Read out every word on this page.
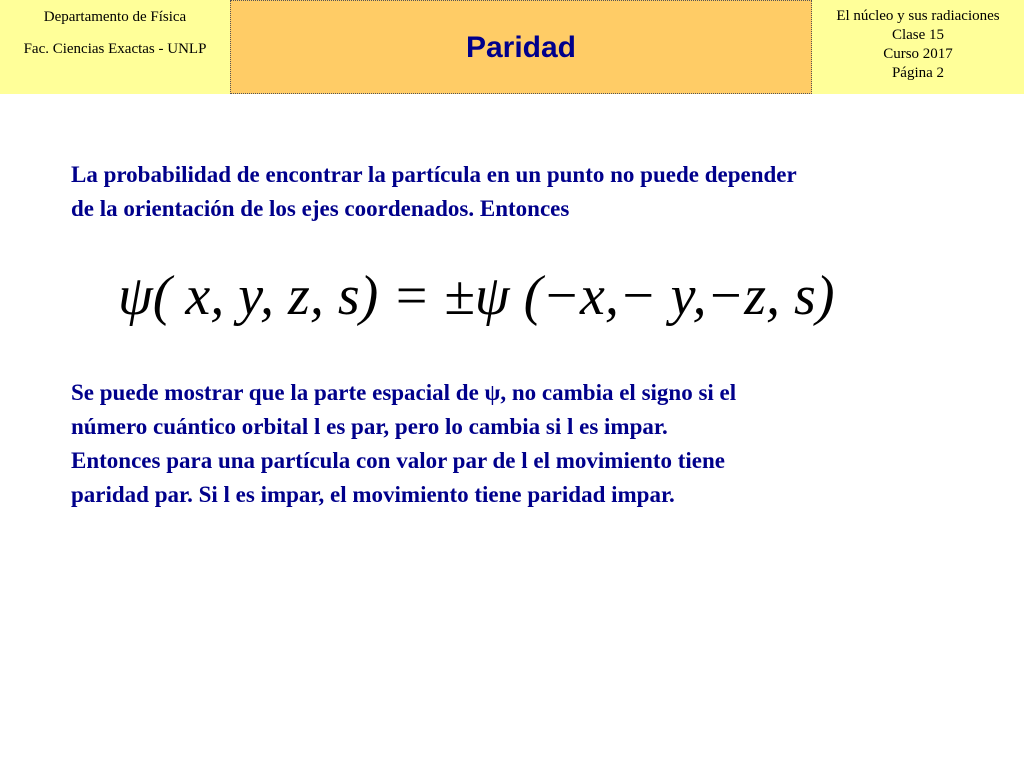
Departamento de Física
Fac. Ciencias Exactas - UNLP	Paridad
El núcleo y sus radiaciones
Clase 15
Curso 2017
Página 2
La probabilidad de encontrar la partícula en un punto no puede depender
de la orientación de los ejes coordenados. Entonces
ψ( x, y, z, s) = ±ψ (−x,− y,−z, s)
Se puede mostrar que la parte espacial de ψ, no cambia el signo si el
número cuántico orbital l es par, pero lo cambia si l es impar.
Entonces para una partícula con valor par de l el movimiento tiene
paridad par. Si l es impar, el movimiento tiene paridad impar.
